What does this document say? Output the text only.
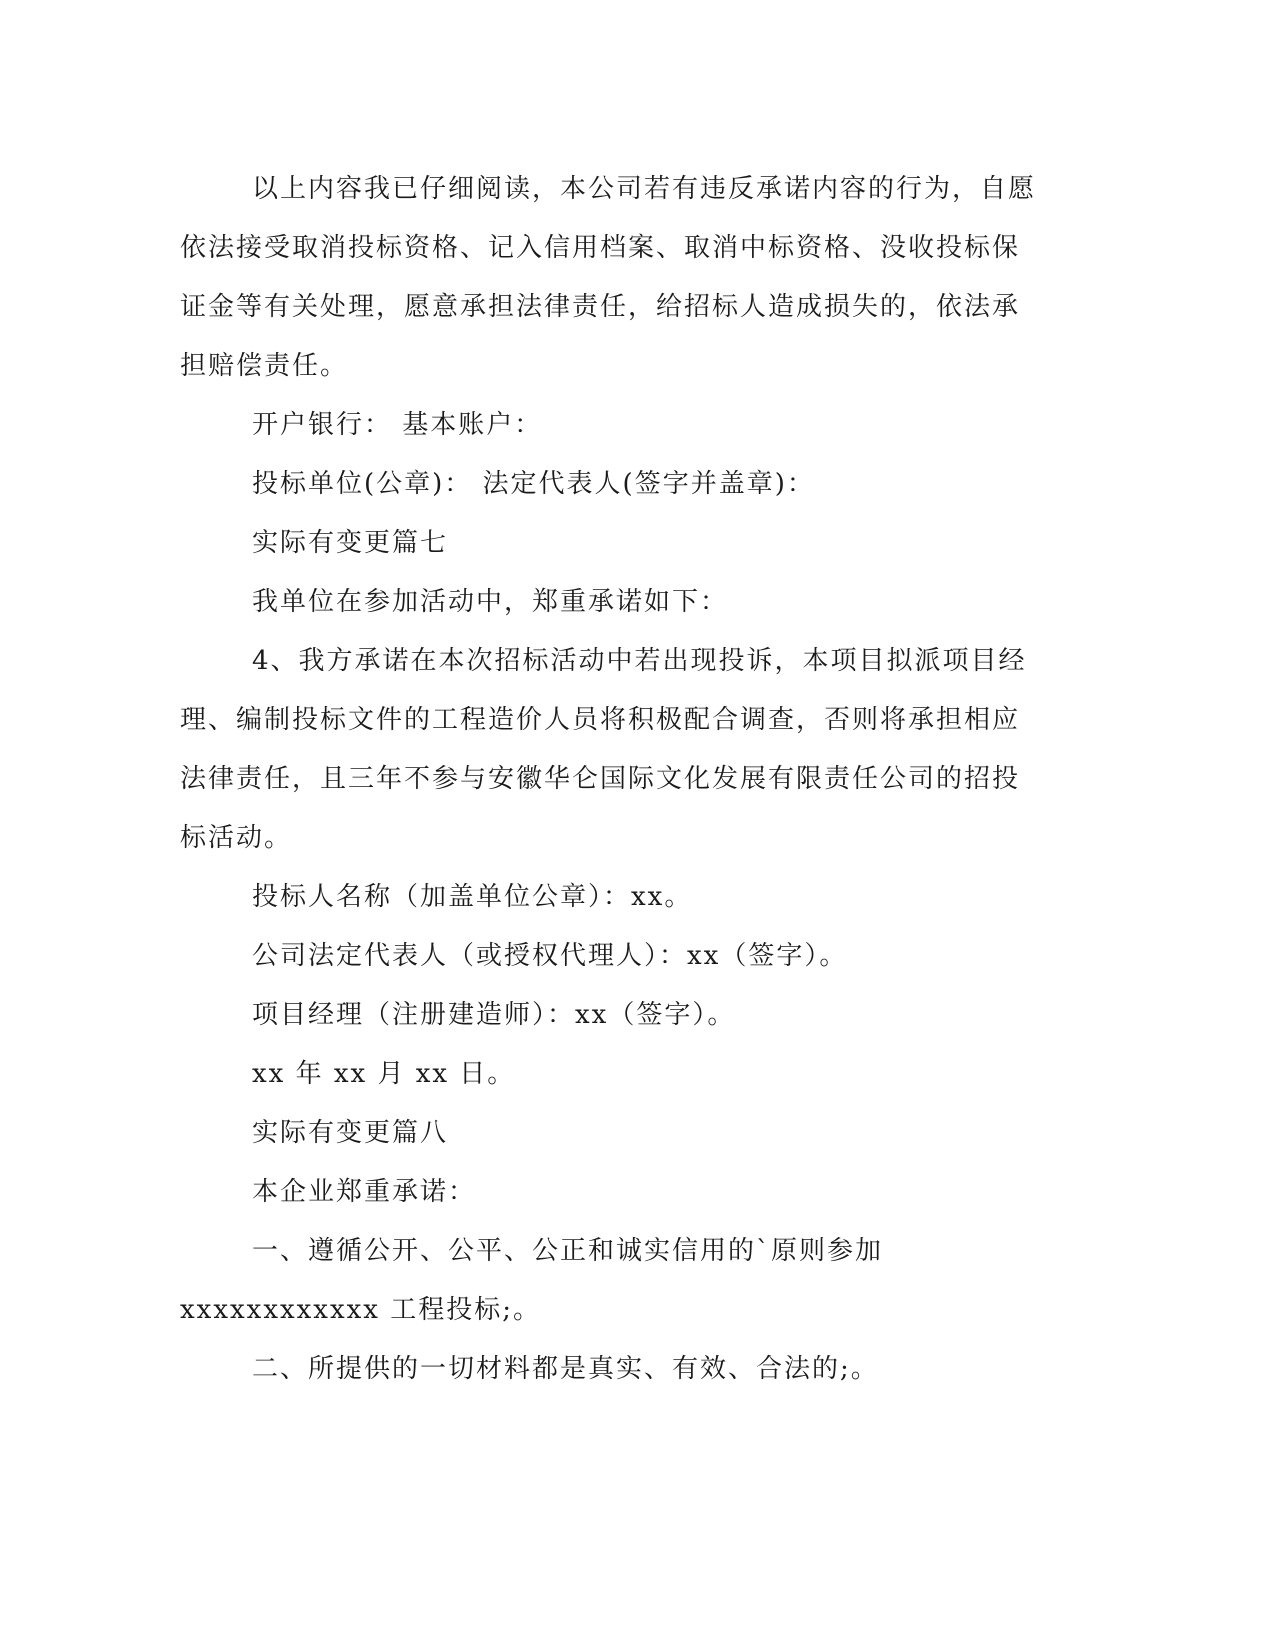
以上内容我已仔细阅读，本公司若有违反承诺内容的行为，自愿
依法接受取消投标资格、记入信用档案、取消中标资格、没收投标保
证金等有关处理，愿意承担法律责任，给招标人造成损失的，依法承
担赔偿责任。

开户银行： 基本账户：

投标单位(公章)： 法定代表人(签字并盖章)：

实际有变更篇七

我单位在参加活动中，郑重承诺如下：

4、我方承诺在本次招标活动中若出现投诉，本项目拟派项目经
理、编制投标文件的工程造价人员将积极配合调查，否则将承担相应
法律责任，且三年不参与安徽华仑国际文化发展有限责任公司的招投
标活动。

投标人名称（加盖单位公章）：xx。

公司法定代表人（或授权代理人）：xx（签字）。

项目经理（注册建造师）：xx（签字）。

xx 年 xx 月 xx 日。

实际有变更篇八

本企业郑重承诺：

一、遵循公开、公平、公正和诚实信用的`原则参加
xxxxxxxxxxxx 工程投标;。

二、所提供的一切材料都是真实、有效、合法的;。
